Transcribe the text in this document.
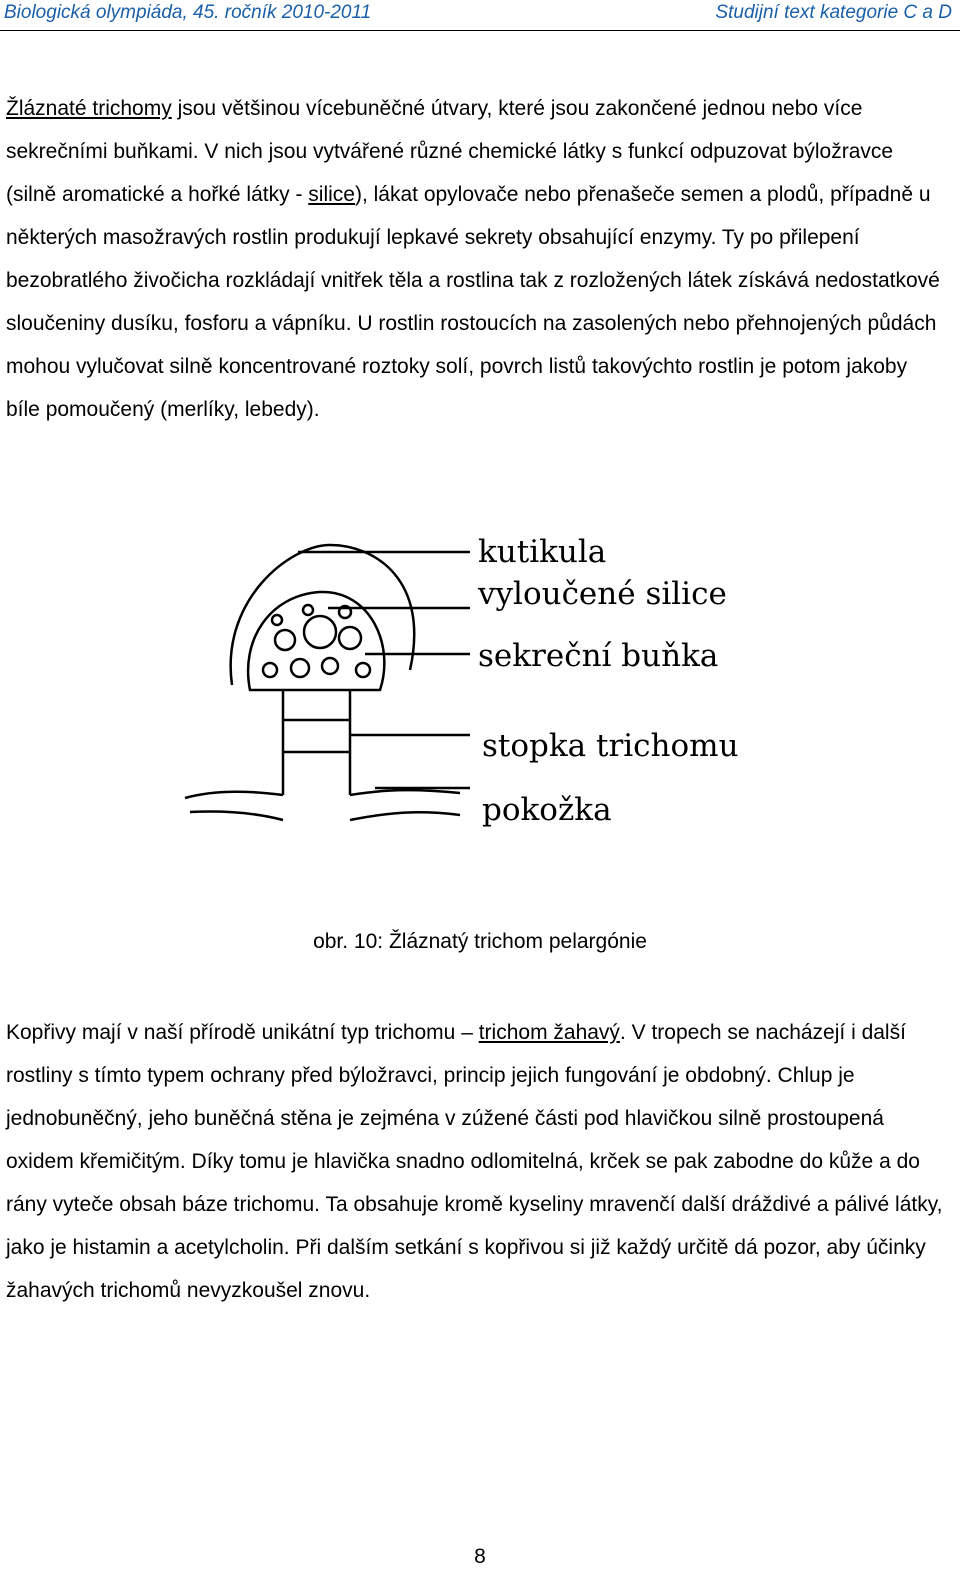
Biologická olympiáda, 45. ročník 2010-2011	Studijní text kategorie C a D

Žláznaté trichomy jsou většinou vícebuněčné útvary, které jsou zakončené jednou nebo více sekrečními buňkami. V nich jsou vytvářené různé chemické látky s funkcí odpuzovat býložravce (silně aromatické a hořké látky - silice), lákat opylovače nebo přenašeče semen a plodů, případně u některých masožravých rostlin produkují lepkavé sekrety obsahující enzymy. Ty po přilepení bezobratlého živočicha rozkládají vnitřek těla a rostlina tak z rozložených látek získává nedostatkové sloučeniny dusíku, fosforu a vápníku. U rostlin rostoucích na zasolených nebo přehnojených půdách mohou vylučovat silně koncentrované roztoky solí, povrch listů takovýchto rostlin je potom jakoby bíle pomoučený (merlíky, lebedy).

kutikula
vyloučené silice
sekreční buňka
stopka trichomu
pokožka
obr. 10: Žláznatý trichom pelargónie

Kopřivy mají v naší přírodě unikátní typ trichomu – trichom žahavý. V tropech se nacházejí i další rostliny s tímto typem ochrany před býložravci, princip jejich fungování je obdobný. Chlup je jednobuněčný, jeho buněčná stěna je zejména v zúžené části pod hlavičkou silně prostoupená oxidem křemičitým. Díky tomu je hlavička snadno odlomitelná, krček se pak zabodne do kůže a do rány vyteče obsah báze trichomu. Ta obsahuje kromě kyseliny mravenčí další dráždivé a pálivé látky, jako je histamin a acetylcholin. Při dalším setkání s kopřivou si již každý určitě dá pozor, aby účinky žahavých trichomů nevyzkoušel znovu.

8
